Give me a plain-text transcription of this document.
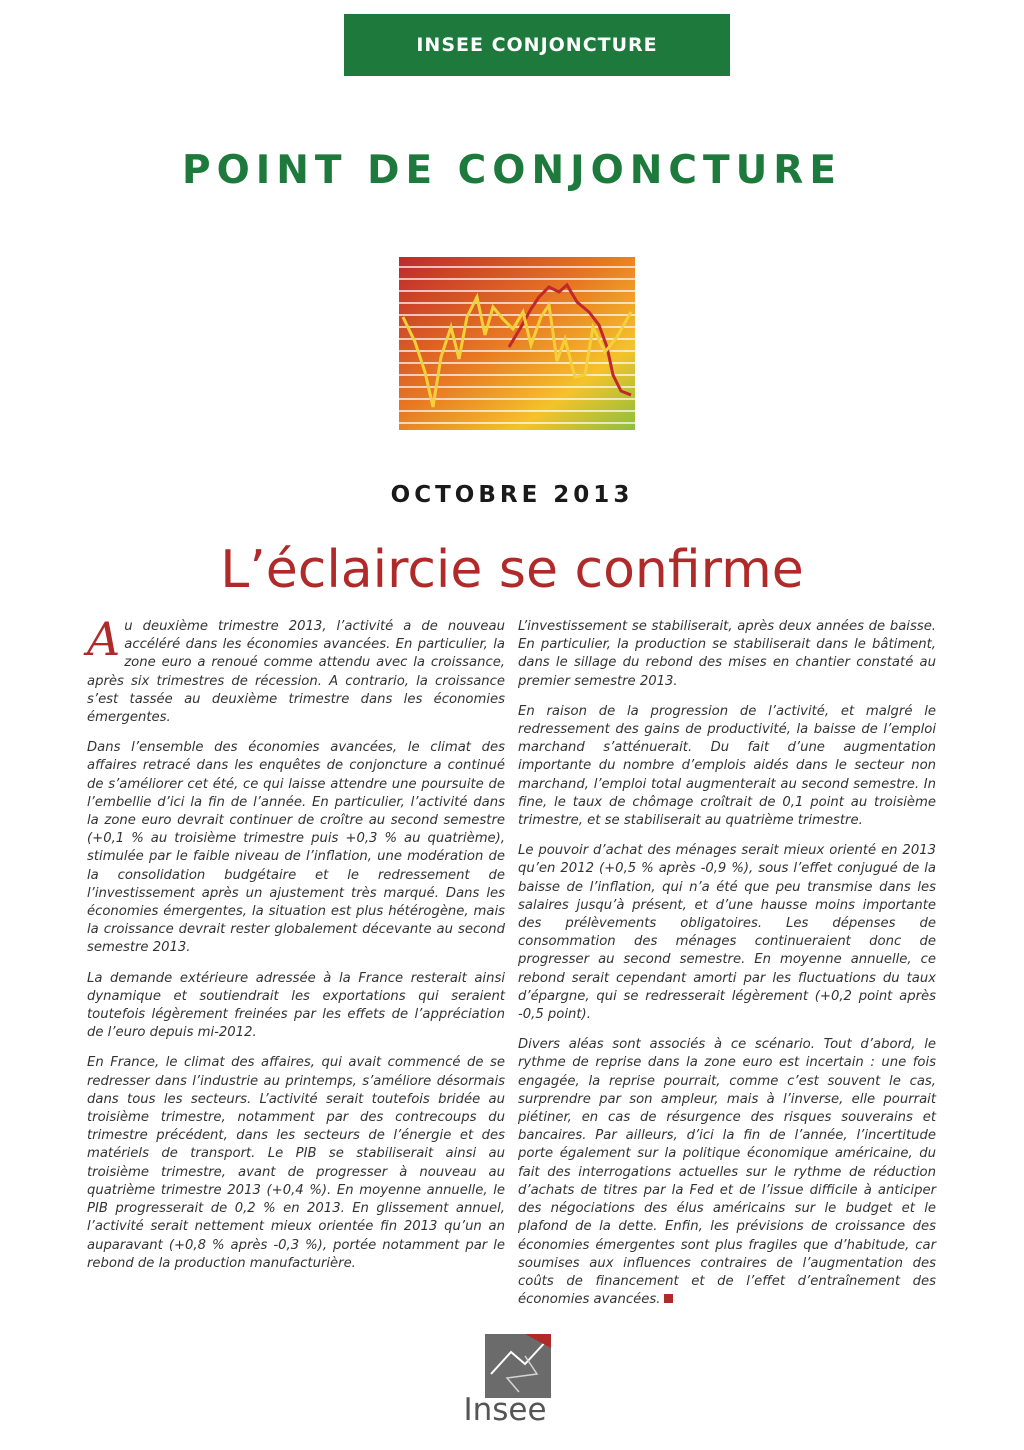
INSEE CONJONCTURE
POINT DE CONJONCTURE
OCTOBRE 2013
L’éclaircie se confirme

Au deuxième trimestre 2013, l’activité a de nouveau accéléré dans les économies avancées. En particulier, la zone euro a renoué comme attendu avec la croissance, après six trimestres de récession. A contrario, la croissance s’est tassée au deuxième trimestre dans les économies émergentes.

Dans l’ensemble des économies avancées, le climat des affaires retracé dans les enquêtes de conjoncture a continué de s’améliorer cet été, ce qui laisse attendre une poursuite de l’embellie d’ici la fin de l’année. En particulier, l’activité dans la zone euro devrait continuer de croître au second semestre (+0,1 % au troisième trimestre puis +0,3 % au quatrième), stimulée par le faible niveau de l’inflation, une modération de la consolidation budgétaire et le redressement de l’investissement après un ajustement très marqué. Dans les économies émergentes, la situation est plus hétérogène, mais la croissance devrait rester globalement décevante au second semestre 2013.

La demande extérieure adressée à la France resterait ainsi dynamique et soutiendrait les exportations qui seraient toutefois légèrement freinées par les effets de l’appréciation de l’euro depuis mi-2012.

En France, le climat des affaires, qui avait commencé de se redresser dans l’industrie au printemps, s’améliore désormais dans tous les secteurs. L’activité serait toutefois bridée au troisième trimestre, notamment par des contrecoups du trimestre précédent, dans les secteurs de l’énergie et des matériels de transport. Le PIB se stabiliserait ainsi au troisième trimestre, avant de progresser à nouveau au quatrième trimestre 2013 (+0,4 %). En moyenne annuelle, le PIB progresserait de 0,2 % en 2013. En glissement annuel, l’activité serait nettement mieux orientée fin 2013 qu’un an auparavant (+0,8 % après -0,3 %), portée notamment par le rebond de la production manufacturière.

L’investissement se stabiliserait, après deux années de baisse. En particulier, la production se stabiliserait dans le bâtiment, dans le sillage du rebond des mises en chantier constaté au premier semestre 2013.

En raison de la progression de l’activité, et malgré le redressement des gains de productivité, la baisse de l’emploi marchand s’atténuerait. Du fait d’une augmentation importante du nombre d’emplois aidés dans le secteur non marchand, l’emploi total augmenterait au second semestre. In fine, le taux de chômage croîtrait de 0,1 point au troisième trimestre, et se stabiliserait au quatrième trimestre.

Le pouvoir d’achat des ménages serait mieux orienté en 2013 qu’en 2012 (+0,5 % après -0,9 %), sous l’effet conjugué de la baisse de l’inflation, qui n’a été que peu transmise dans les salaires jusqu’à présent, et d’une hausse moins importante des prélèvements obligatoires. Les dépenses de consommation des ménages continueraient donc de progresser au second semestre. En moyenne annuelle, ce rebond serait cependant amorti par les fluctuations du taux d’épargne, qui se redresserait légèrement (+0,2 point après -0,5 point).

Divers aléas sont associés à ce scénario. Tout d’abord, le rythme de reprise dans la zone euro est incertain : une fois engagée, la reprise pourrait, comme c’est souvent le cas, surprendre par son ampleur, mais à l’inverse, elle pourrait piétiner, en cas de résurgence des risques souverains et bancaires. Par ailleurs, d’ici la fin de l’année, l’incertitude porte également sur la politique économique américaine, du fait des interrogations actuelles sur le rythme de réduction d’achats de titres par la Fed et de l’issue difficile à anticiper des négociations des élus américains sur le budget et le plafond de la dette. Enfin, les prévisions de croissance des économies émergentes sont plus fragiles que d’habitude, car soumises aux influences contraires de l’augmentation des coûts de financement et de l’effet d’entraînement des économies avancées.

Insee
